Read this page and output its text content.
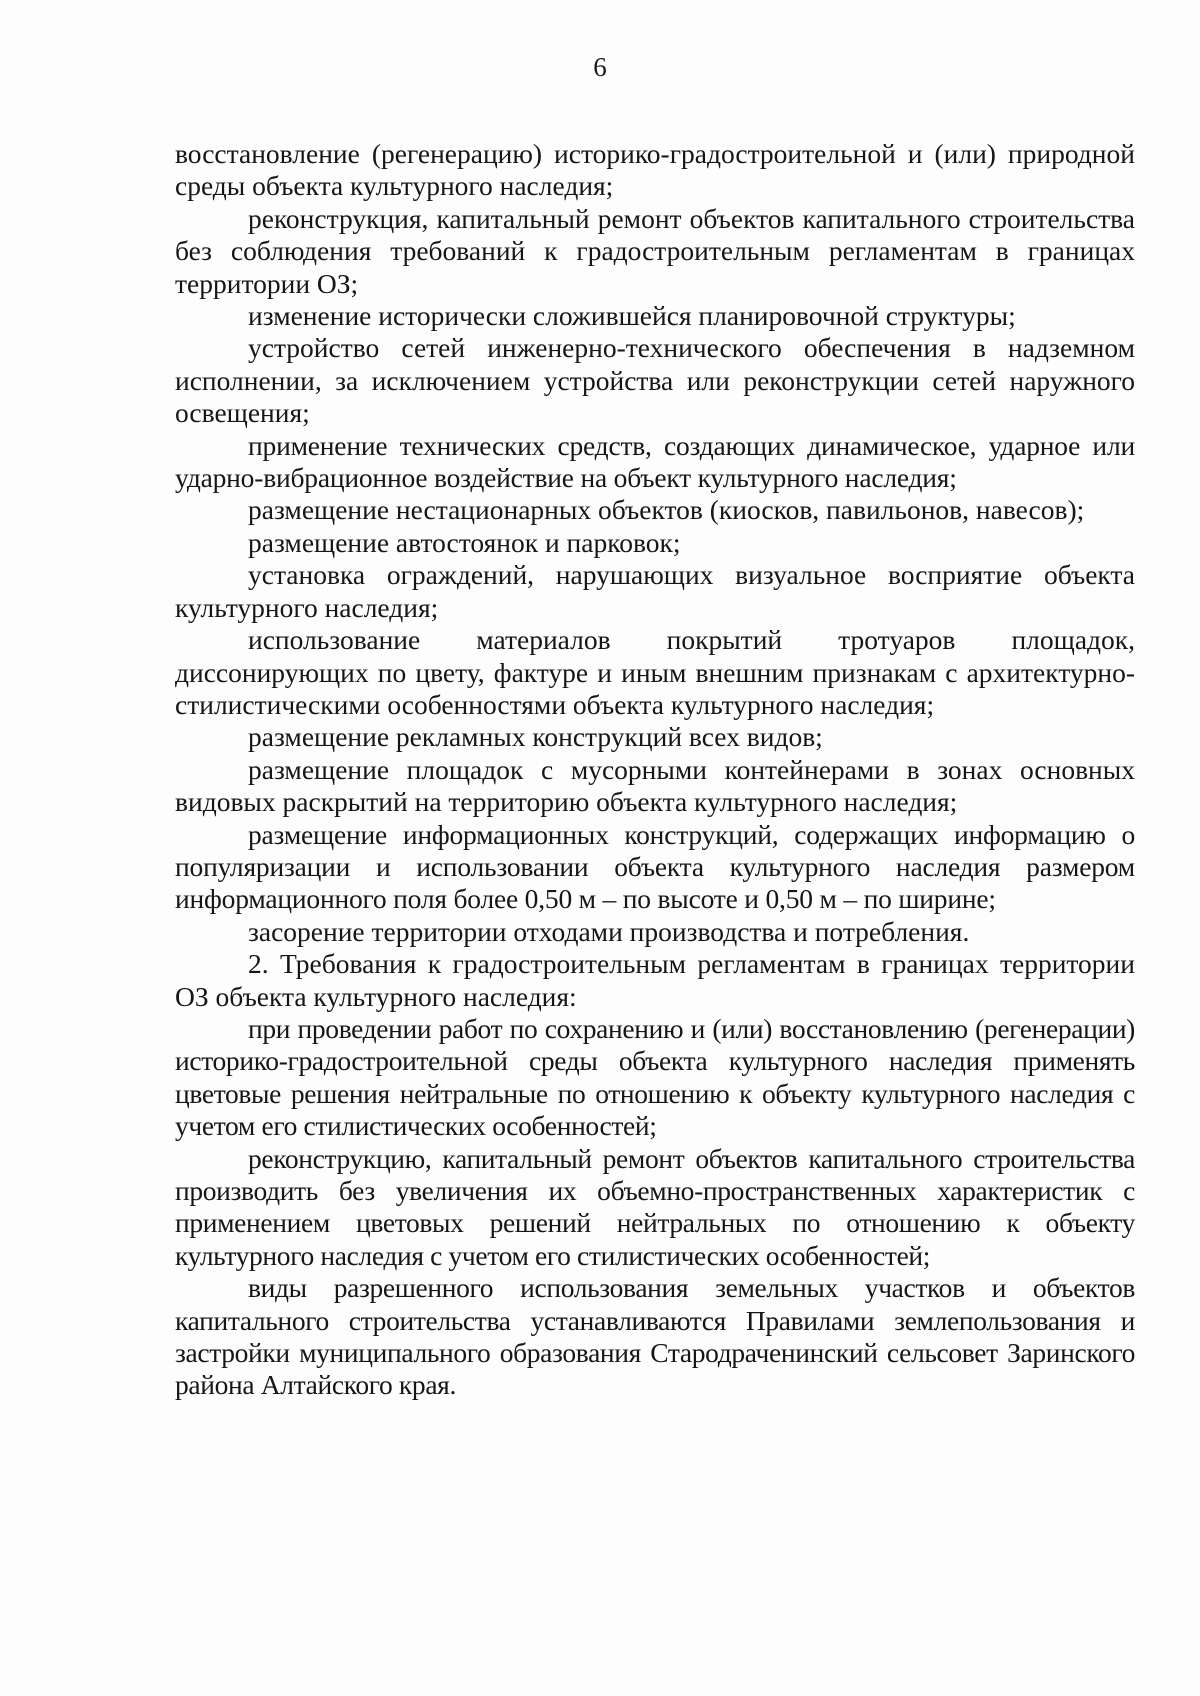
6

восстановление (регенерацию) историко-градостроительной и (или) природной среды объекта культурного наследия;

реконструкция, капитальный ремонт объектов капитального строительства без соблюдения требований к градостроительным регламентам в границах территории ОЗ;

изменение исторически сложившейся планировочной структуры;

устройство сетей инженерно-технического обеспечения в надземном исполнении, за исключением устройства или реконструкции сетей наружного освещения;

применение технических средств, создающих динамическое, ударное или ударно-вибрационное воздействие на объект культурного наследия;

размещение нестационарных объектов (киосков, павильонов, навесов);

размещение автостоянок и парковок;

установка ограждений, нарушающих визуальное восприятие объекта культурного наследия;

использование материалов покрытий тротуаров площадок, диссонирующих по цвету, фактуре и иным внешним признакам с архитектурно-стилистическими особенностями объекта культурного наследия;

размещение рекламных конструкций всех видов;

размещение площадок с мусорными контейнерами в зонах основных видовых раскрытий на территорию объекта культурного наследия;

размещение информационных конструкций, содержащих информацию о популяризации и использовании объекта культурного наследия размером информационного поля более 0,50 м – по высоте и 0,50 м – по ширине;

засорение территории отходами производства и потребления.

2. Требования к градостроительным регламентам в границах территории ОЗ объекта культурного наследия:

при проведении работ по сохранению и (или) восстановлению (регенерации) историко-градостроительной среды объекта культурного наследия применять цветовые решения нейтральные по отношению к объекту культурного наследия с учетом его стилистических особенностей;

реконструкцию, капитальный ремонт объектов капитального строительства производить без увеличения их объемно-пространственных характеристик с применением цветовых решений нейтральных по отношению к объекту культурного наследия с учетом его стилистических особенностей;

виды разрешенного использования земельных участков и объектов капитального строительства устанавливаются Правилами землепользования и застройки муниципального образования Стародраченинский сельсовет Заринского района Алтайского края.
